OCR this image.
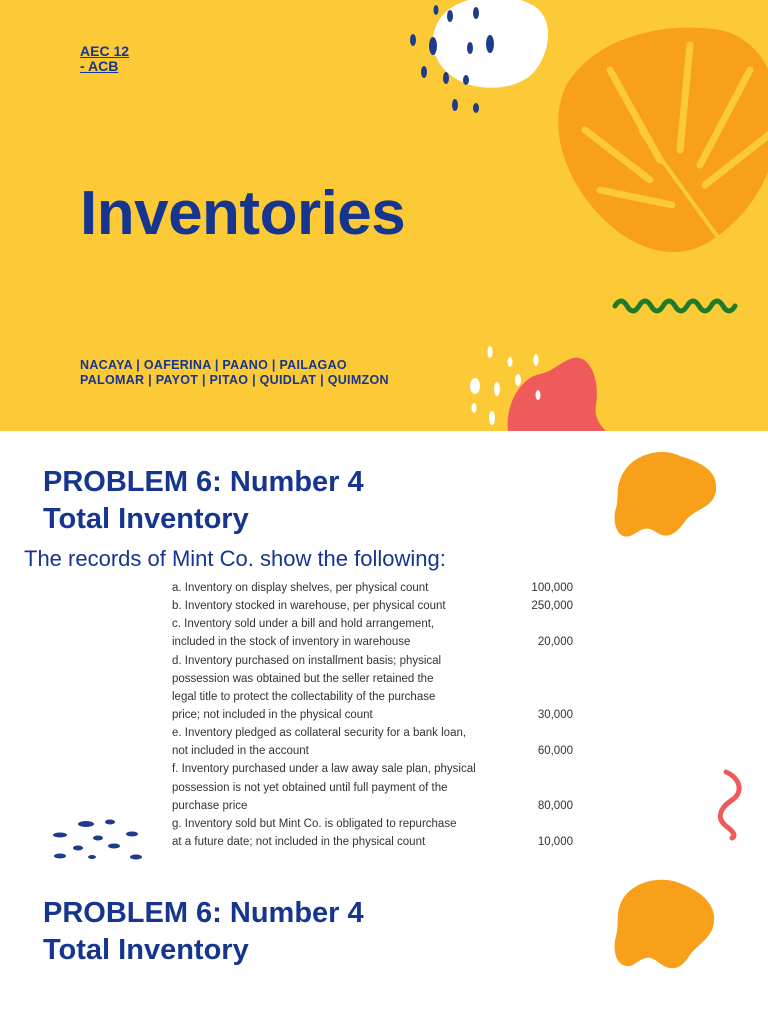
AEC 12
- ACB
Inventories
NACAYA | OAFERINA | PAANO | PAILAGAO
PALOMAR | PAYOT | PITAO | QUIDLAT | QUIMZON
PROBLEM 6: Number 4
Total Inventory
The records of Mint Co. show the following:
a. Inventory on display shelves, per physical count	100,000
b. Inventory stocked in warehouse, per physical count	250,000
c. Inventory sold under a bill and hold arrangement,
included in the stock of inventory in warehouse	20,000
d. Inventory purchased on installment basis; physical
possession was obtained but the seller retained the
legal title to protect the collectability of the purchase
price; not included in the physical count	30,000
e. Inventory pledged as collateral security for a bank loan,
not included in the account	60,000
f. Inventory purchased under a law away sale plan, physical
possession is not yet obtained until full payment of the
purchase price	80,000
g. Inventory sold but Mint Co. is obligated to repurchase
at a future date; not included in the physical count	10,000
PROBLEM 6: Number 4
Total Inventory
